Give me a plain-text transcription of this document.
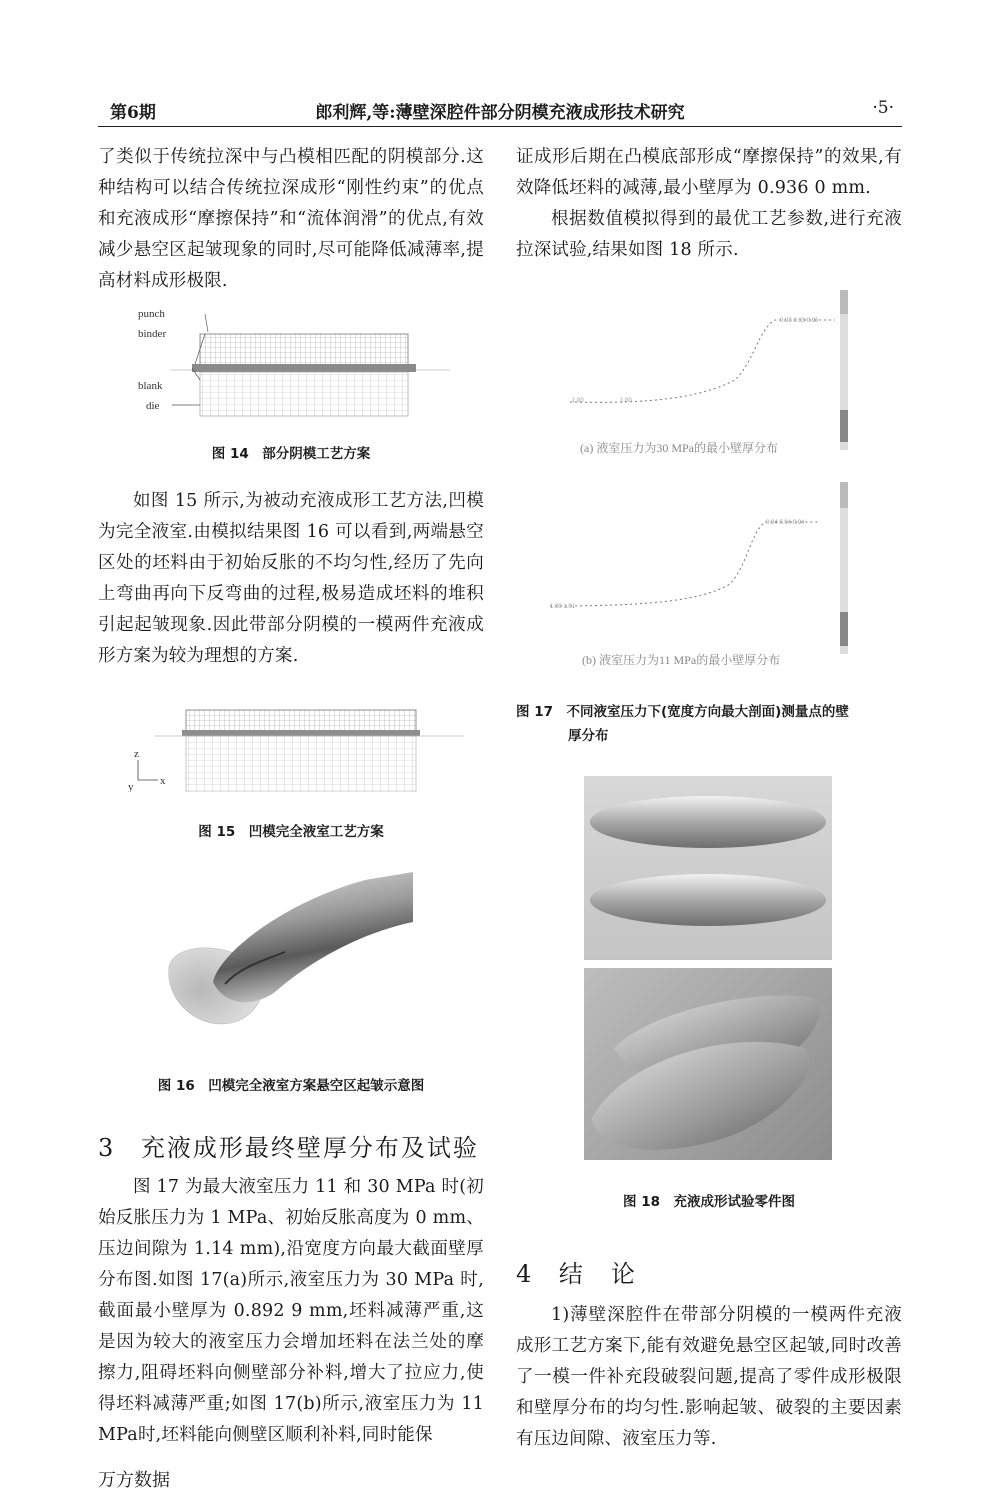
第6期	郎利辉,等:薄壁深腔件部分阴模充液成形技术研究	·5·

了类似于传统拉深中与凸模相匹配的阴模部分.这种结构可以结合传统拉深成形“刚性约束”的优点和充液成形“摩擦保持”和“流体润滑”的优点,有效减少悬空区起皱现象的同时,尽可能降低减薄率,提高材料成形极限.

punch
binder
blank
die
图 14　部分阴模工艺方案

如图 15 所示,为被动充液成形工艺方法,凹模为完全液室.由模拟结果图 16 可以看到,两端悬空区处的坯料由于初始反胀的不均匀性,经历了先向上弯曲再向下反弯曲的过程,极易造成坯料的堆积引起起皱现象.因此带部分阴模的一模两件充液成形方案为较为理想的方案.

z
x
y
图 15　凹模完全液室工艺方案
图 16　凹模完全液室方案悬空区起皱示意图
3 充液成形最终壁厚分布及试验

图 17 为最大液室压力 11 和 30 MPa 时(初始反胀压力为 1 MPa、初始反胀高度为 0 mm、压边间隙为 1.14 mm),沿宽度方向最大截面壁厚分布图.如图 17(a)所示,液室压力为 30 MPa 时,截面最小壁厚为 0.892 9 mm,坯料减薄严重,这是因为较大的液室压力会增加坯料在法兰处的摩擦力,阻碍坯料向侧壁部分补料,增大了拉应力,使得坯料减薄严重;如图 17(b)所示,液室压力为 11 MPa时,坯料能向侧壁区顺利补料,同时能保

证成形后期在凸模底部形成“摩擦保持”的效果,有效降低坯料的减薄,最小壁厚为 0.936 0 mm.

根据数值模拟得到的最优工艺参数,进行充液拉深试验,结果如图 18 所示.

1.00	1.00
0.93 0.93 0.93
(a) 液室压力为30 MPa的最小壁厚分布
1.00 1.01
0.94 0.94 0.94
(b) 液室压力为11 MPa的最小壁厚分布
图 17　不同液室压力下(宽度方向最大剖面)测量点的壁
厚分布
图 18　充液成形试验零件图
4 结　论

1)薄壁深腔件在带部分阴模的一模两件充液成形工艺方案下,能有效避免悬空区起皱,同时改善了一模一件补充段破裂问题,提高了零件成形极限和壁厚分布的均匀性.影响起皱、破裂的主要因素有压边间隙、液室压力等.

万方数据
